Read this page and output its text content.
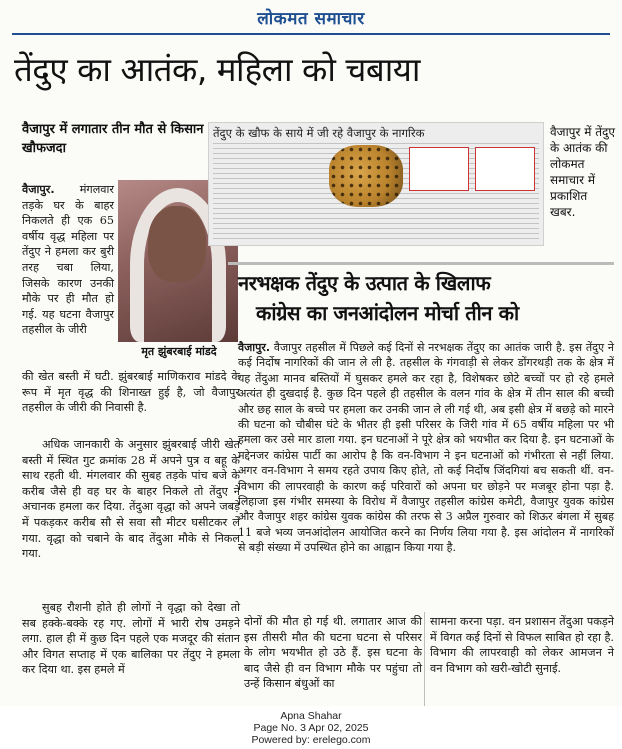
लोकमत समाचार
तेंदुए का आतंक, महिला को चबाया
वैजापुर में लगातार तीन मौत से किसान खौफजदा
वैजापुर. मंगलवार तड़के घर के बाहर निकलते ही एक 65 वर्षीय वृद्ध महिला पर तेंदुए ने हमला कर बुरी तरह चबा लिया, जिसके कारण उनकी मौके पर ही मौत हो गई. यह घटना वैजापुर तहसील के जीरी
मृत झुंबरबाई मांडदे
की खेत बस्ती में घटी. झुंबरबाई माणिकराव मांडदे के रूप में मृत वृद्ध की शिनाख्त हुई है, जो वैजापुर तहसील के जीरी की निवासी है.
अधिक जानकारी के अनुसार झुंबरबाई जीरी खेत बस्ती में स्थित गुट क्रमांक 28 में अपने पुत्र व बहू के साथ रहती थी. मंगलवार की सुबह तड़के पांच बजे के करीब जैसे ही वह घर के बाहर निकले तो तेंदुए ने अचानक हमला कर दिया. तेंदुआ वृद्धा को अपने जबड़े में पकड़कर करीब सौ से सवा सौ मीटर घसीटकर ले गया. वृद्धा को चबाने के बाद तेंदुआ मौके से निकल गया.
सुबह रौशनी होते ही लोगों ने वृद्धा को देखा तो सब हक्के-बक्के रह गए. लोगों में भारी रोष उमड़ने लगा. हाल ही में कुछ दिन पहले एक मजदूर की संतान और विगत सप्ताह में एक बालिका पर तेंदुए ने हमला कर दिया था. इस हमले में
तेंदुए के खौफ के साये में जी रहे वैजापुर के नागरिक	वैजापुर में तेंदुए के आतंक की लोकमत समाचार में प्रकाशित खबर.
नरभक्षक तेंदुए के उत्पात के खिलाफ
कांग्रेस का जनआंदोलन मोर्चा तीन को
वैजापुर. वैजापुर तहसील में पिछले कई दिनों से नरभक्षक तेंदुए का आतंक जारी है. इस तेंदुए ने कई निर्दोष नागरिकों की जान ले ली है. तहसील के गंगवाड़ी से लेकर डोंगरथड़ी तक के क्षेत्र में यह तेंदुआ मानव बस्तियों में घुसकर हमले कर रहा है, विशेषकर छोटे बच्चों पर हो रहे हमले अत्यंत ही दुखदाई है. कुछ दिन पहले ही तहसील के वलन गांव के क्षेत्र में तीन साल की बच्ची और छह साल के बच्चे पर हमला कर उनकी जान ले ली गई थी, अब इसी क्षेत्र में बछड़े को मारने की घटना को चौबीस घंटे के भीतर ही इसी परिसर के जिरी गांव में 65 वर्षीय महिला पर भी हमला कर उसे मार डाला गया. इन घटनाओं ने पूरे क्षेत्र को भयभीत कर दिया है. इन घटनाओं के मद्देनजर कांग्रेस पार्टी का आरोप है कि वन-विभाग ने इन घटनाओं को गंभीरता से नहीं लिया. अगर वन-विभाग ने समय रहते उपाय किए होते, तो कई निर्दोष जिंदगियां बच सकती थीं. वन-विभाग की लापरवाही के कारण कई परिवारों को अपना घर छोड़ने पर मजबूर होना पड़ा है. लिहाजा इस गंभीर समस्या के विरोध में वैजापुर तहसील कांग्रेस कमेटी, वैजापुर युवक कांग्रेस और वैजापुर शहर कांग्रेस युवक कांग्रेस की तरफ से 3 अप्रैल गुरुवार को शिऊर बंगला में सुबह 11 बजे भव्य जनआंदोलन आयोजित करने का निर्णय लिया गया है. इस आंदोलन में नागरिकों से बड़ी संख्या में उपस्थित होने का आह्वान किया गया है.
दोनों की मौत हो गई थी. लगातार आज की इस तीसरी मौत की घटना घटना से परिसर के लोग भयभीत हो उठे हैं. इस घटना के बाद जैसे ही वन विभाग मौके पर पहुंचा तो उन्हें किसान बंधुओं का
सामना करना पड़ा. वन प्रशासन तेंदुआ पकड़ने में विगत कई दिनों से विफल साबित हो रहा है. विभाग की लापरवाही को लेकर आमजन ने वन विभाग को खरी-खोटी सुनाई.
Apna Shahar
Page No. 3 Apr 02, 2025
Powered by: erelego.com
